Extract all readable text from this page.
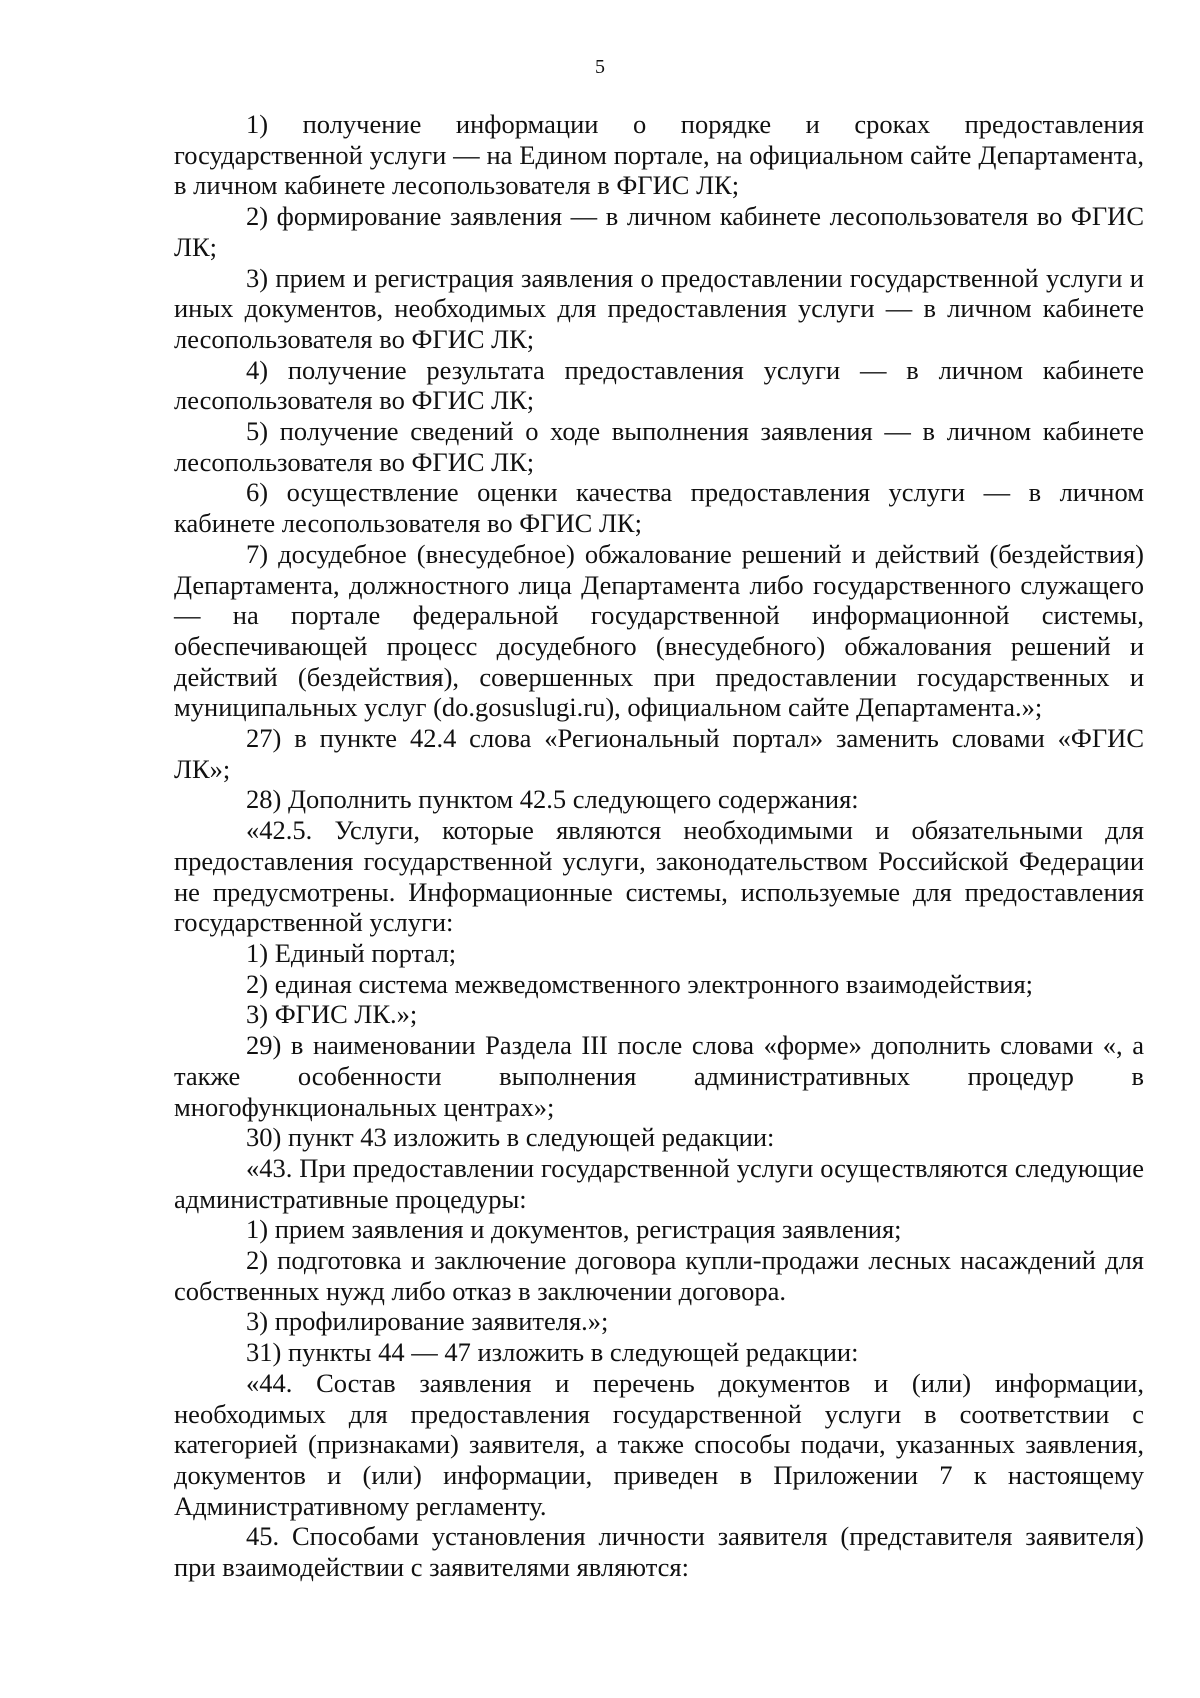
5

1) получение информации о порядке и сроках предоставления государственной услуги — на Едином портале, на официальном сайте Департамента, в личном кабинете лесопользователя в ФГИС ЛК;

2) формирование заявления — в личном кабинете лесопользователя во ФГИС ЛК;

3) прием и регистрация заявления о предоставлении государственной услуги и иных документов, необходимых для предоставления услуги — в личном кабинете лесопользователя во ФГИС ЛК;

4) получение результата предоставления услуги — в личном кабинете лесопользователя во ФГИС ЛК;

5) получение сведений о ходе выполнения заявления — в личном кабинете лесопользователя во ФГИС ЛК;

6) осуществление оценки качества предоставления услуги — в личном кабинете лесопользователя во ФГИС ЛК;

7) досудебное (внесудебное) обжалование решений и действий (бездействия) Департамента, должностного лица Департамента либо государственного служащего — на портале федеральной государственной информационной системы, обеспечивающей процесс досудебного (внесудебного) обжалования решений и действий (бездействия), совершенных при предоставлении государственных и муниципальных услуг (do.gosuslugi.ru), официальном сайте Департамента.»;

27) в пункте 42.4 слова «Региональный портал» заменить словами «ФГИС ЛК»;

28) Дополнить пунктом 42.5 следующего содержания:

«42.5. Услуги, которые являются необходимыми и обязательными для предоставления государственной услуги, законодательством Российской Федерации не предусмотрены. Информационные системы, используемые для предоставления государственной услуги:

1) Единый портал;

2) единая система межведомственного электронного взаимодействия;

3) ФГИС ЛК.»;

29) в наименовании Раздела III после слова «форме» дополнить словами «, а также особенности выполнения административных процедур в многофункциональных центрах»;

30) пункт 43 изложить в следующей редакции:

«43. При предоставлении государственной услуги осуществляются следующие административные процедуры:

1) прием заявления и документов, регистрация заявления;

2) подготовка и заключение договора купли-продажи лесных насаждений для собственных нужд либо отказ в заключении договора.

3) профилирование заявителя.»;

31) пункты 44 — 47 изложить в следующей редакции:

«44. Состав заявления и перечень документов и (или) информации, необходимых для предоставления государственной услуги в соответствии с категорией (признаками) заявителя, а также способы подачи, указанных заявления, документов и (или) информации, приведен в Приложении 7 к настоящему Административному регламенту.

45. Способами установления личности заявителя (представителя заявителя) при взаимодействии с заявителями являются:
